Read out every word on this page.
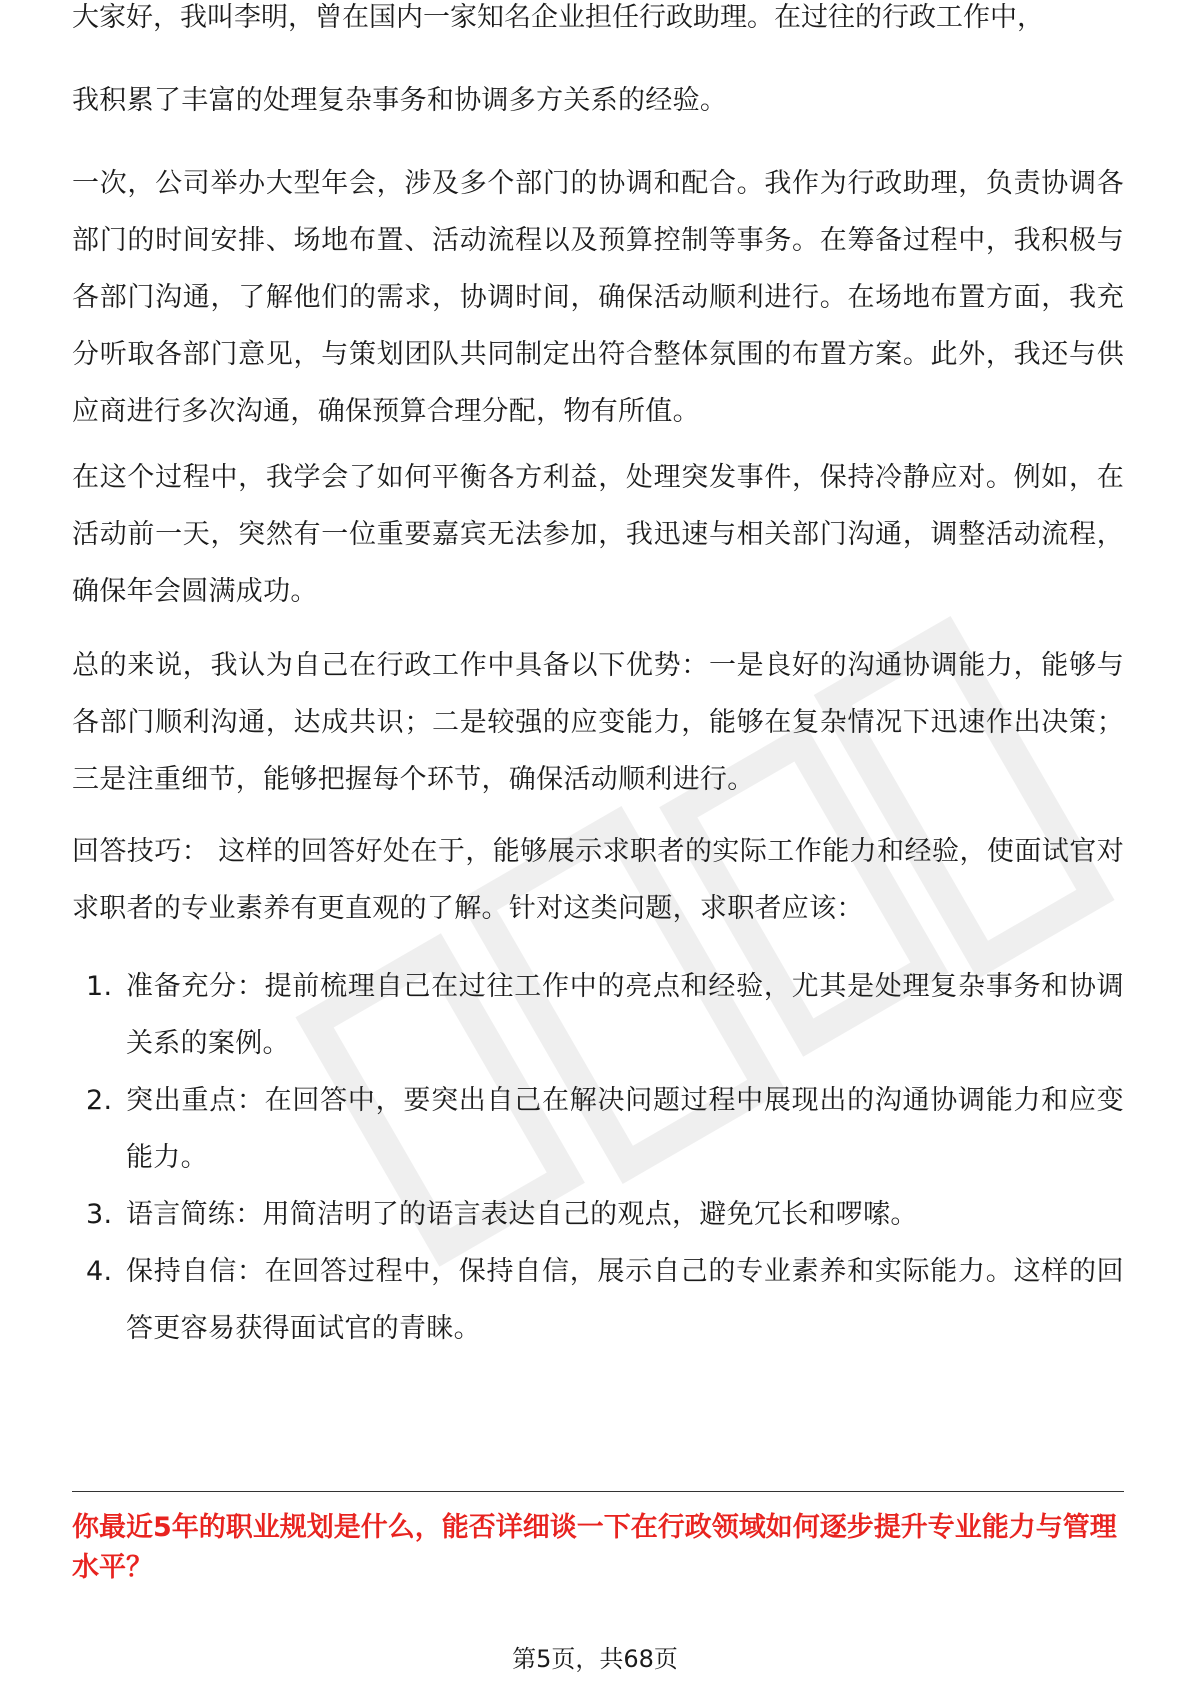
大家好，我叫李明，曾在国内一家知名企业担任行政助理。在过往的行政工作中，

我积累了丰富的处理复杂事务和协调多方关系的经验。

一次，公司举办大型年会，涉及多个部门的协调和配合。我作为行政助理，负责协调各部门的时间安排、场地布置、活动流程以及预算控制等事务。在筹备过程中，我积极与各部门沟通，了解他们的需求，协调时间，确保活动顺利进行。在场地布置方面，我充分听取各部门意见，与策划团队共同制定出符合整体氛围的布置方案。此外，我还与供应商进行多次沟通，确保预算合理分配，物有所值。

在这个过程中，我学会了如何平衡各方利益，处理突发事件，保持冷静应对。例如，在活动前一天，突然有一位重要嘉宾无法参加，我迅速与相关部门沟通，调整活动流程，确保年会圆满成功。

总的来说，我认为自己在行政工作中具备以下优势：一是良好的沟通协调能力，能够与各部门顺利沟通，达成共识；二是较强的应变能力，能够在复杂情况下迅速作出决策；三是注重细节，能够把握每个环节，确保活动顺利进行。

回答技巧： 这样的回答好处在于，能够展示求职者的实际工作能力和经验，使面试官对求职者的专业素养有更直观的了解。针对这类问题，求职者应该：

1. 准备充分：提前梳理自己在过往工作中的亮点和经验，尤其是处理复杂事务和协调关系的案例。
2. 突出重点：在回答中，要突出自己在解决问题过程中展现出的沟通协调能力和应变能力。
3. 语言简练：用简洁明了的语言表达自己的观点，避免冗长和啰嗦。
4. 保持自信：在回答过程中，保持自信，展示自己的专业素养和实际能力。这样的回答更容易获得面试官的青睐。

你最近5年的职业规划是什么，能否详细谈一下在行政领域如何逐步提升专业能力与管理水平？

第5页，共68页
